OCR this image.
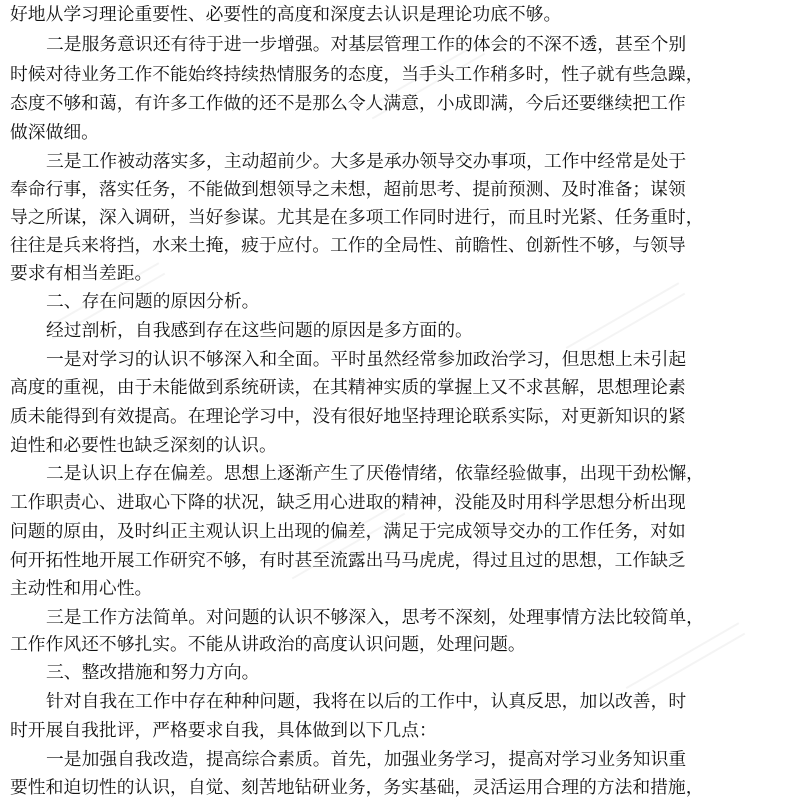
好地从学习理论重要性、必要性的高度和深度去认识是理论功底不够。
二是服务意识还有待于进一步增强。对基层管理工作的体会的不深不透，甚至个别
时候对待业务工作不能始终持续热情服务的态度，当手头工作稍多时，性子就有些急躁，
态度不够和蔼，有许多工作做的还不是那么令人满意，小成即满，今后还要继续把工作
做深做细。
三是工作被动落实多，主动超前少。大多是承办领导交办事项，工作中经常是处于
奉命行事，落实任务，不能做到想领导之未想，超前思考、提前预测、及时准备；谋领
导之所谋，深入调研，当好参谋。尤其是在多项工作同时进行，而且时光紧、任务重时，
往往是兵来将挡，水来土掩，疲于应付。工作的全局性、前瞻性、创新性不够，与领导
要求有相当差距。
二、存在问题的原因分析。
经过剖析，自我感到存在这些问题的原因是多方面的。
一是对学习的认识不够深入和全面。平时虽然经常参加政治学习，但思想上未引起
高度的重视，由于未能做到系统研读，在其精神实质的掌握上又不求甚解，思想理论素
质未能得到有效提高。在理论学习中，没有很好地坚持理论联系实际，对更新知识的紧
迫性和必要性也缺乏深刻的认识。
二是认识上存在偏差。思想上逐渐产生了厌倦情绪，依靠经验做事，出现干劲松懈，
工作职责心、进取心下降的状况，缺乏用心进取的精神，没能及时用科学思想分析出现
问题的原由，及时纠正主观认识上出现的偏差，满足于完成领导交办的工作任务，对如
何开拓性地开展工作研究不够，有时甚至流露出马马虎虎，得过且过的思想，工作缺乏
主动性和用心性。
三是工作方法简单。对问题的认识不够深入，思考不深刻，处理事情方法比较简单，
工作作风还不够扎实。不能从讲政治的高度认识问题，处理问题。
三、整改措施和努力方向。
针对自我在工作中存在种种问题，我将在以后的工作中，认真反思，加以改善，时
时开展自我批评，严格要求自我，具体做到以下几点：
一是加强自我改造，提高综合素质。首先，加强业务学习，提高对学习业务知识重
要性和迫切性的认识，自觉、刻苦地钻研业务，务实基础，灵活运用合理的方法和措施，
